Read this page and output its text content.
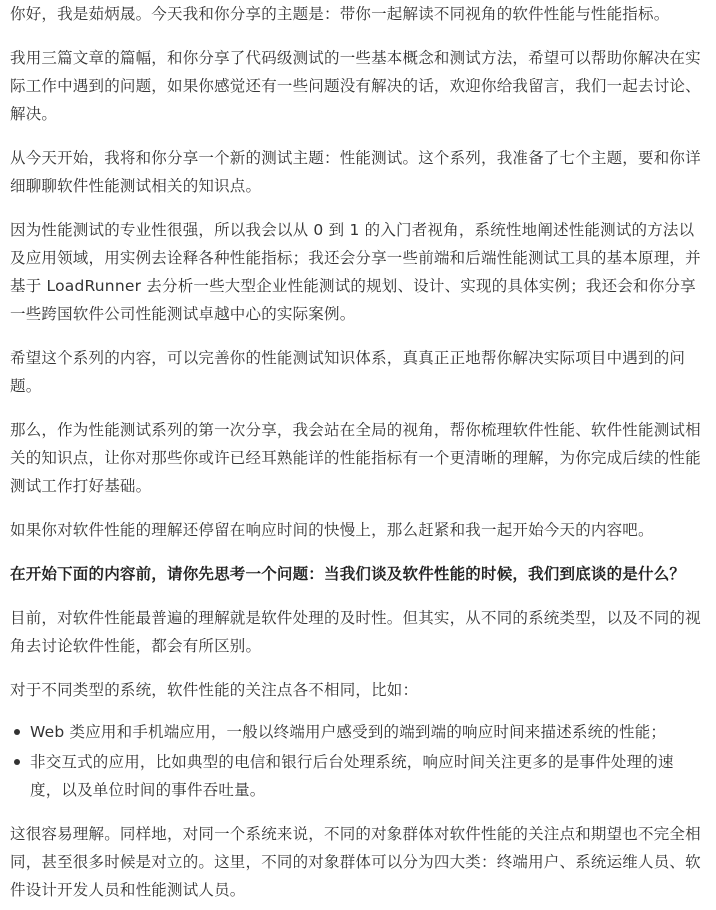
你好，我是茹炳晟。今天我和你分享的主题是：带你一起解读不同视角的软件性能与性能指标。

我用三篇文章的篇幅，和你分享了代码级测试的一些基本概念和测试方法，希望可以帮助你解决在实际工作中遇到的问题，如果你感觉还有一些问题没有解决的话，欢迎你给我留言，我们一起去讨论、解决。

从今天开始，我将和你分享一个新的测试主题：性能测试。这个系列，我准备了七个主题，要和你详细聊聊软件性能测试相关的知识点。

因为性能测试的专业性很强，所以我会以从 0 到 1 的入门者视角，系统性地阐述性能测试的方法以及应用领域，用实例去诠释各种性能指标；我还会分享一些前端和后端性能测试工具的基本原理，并基于 LoadRunner 去分析一些大型企业性能测试的规划、设计、实现的具体实例；我还会和你分享一些跨国软件公司性能测试卓越中心的实际案例。

希望这个系列的内容，可以完善你的性能测试知识体系，真真正正地帮你解决实际项目中遇到的问题。

那么，作为性能测试系列的第一次分享，我会站在全局的视角，帮你梳理软件性能、软件性能测试相关的知识点，让你对那些你或许已经耳熟能详的性能指标有一个更清晰的理解，为你完成后续的性能测试工作打好基础。

如果你对软件性能的理解还停留在响应时间的快慢上，那么赶紧和我一起开始今天的内容吧。

在开始下面的内容前，请你先思考一个问题：当我们谈及软件性能的时候，我们到底谈的是什么？

目前，对软件性能最普遍的理解就是软件处理的及时性。但其实，从不同的系统类型，以及不同的视角去讨论软件性能，都会有所区别。

对于不同类型的系统，软件性能的关注点各不相同，比如：

Web 类应用和手机端应用，一般以终端用户感受到的端到端的响应时间来描述系统的性能；
非交互式的应用，比如典型的电信和银行后台处理系统，响应时间关注更多的是事件处理的速度，以及单位时间的事件吞吐量。

这很容易理解。同样地，对同一个系统来说，不同的对象群体对软件性能的关注点和期望也不完全相同，甚至很多时候是对立的。这里，不同的对象群体可以分为四大类：终端用户、系统运维人员、软件设计开发人员和性能测试人员。
